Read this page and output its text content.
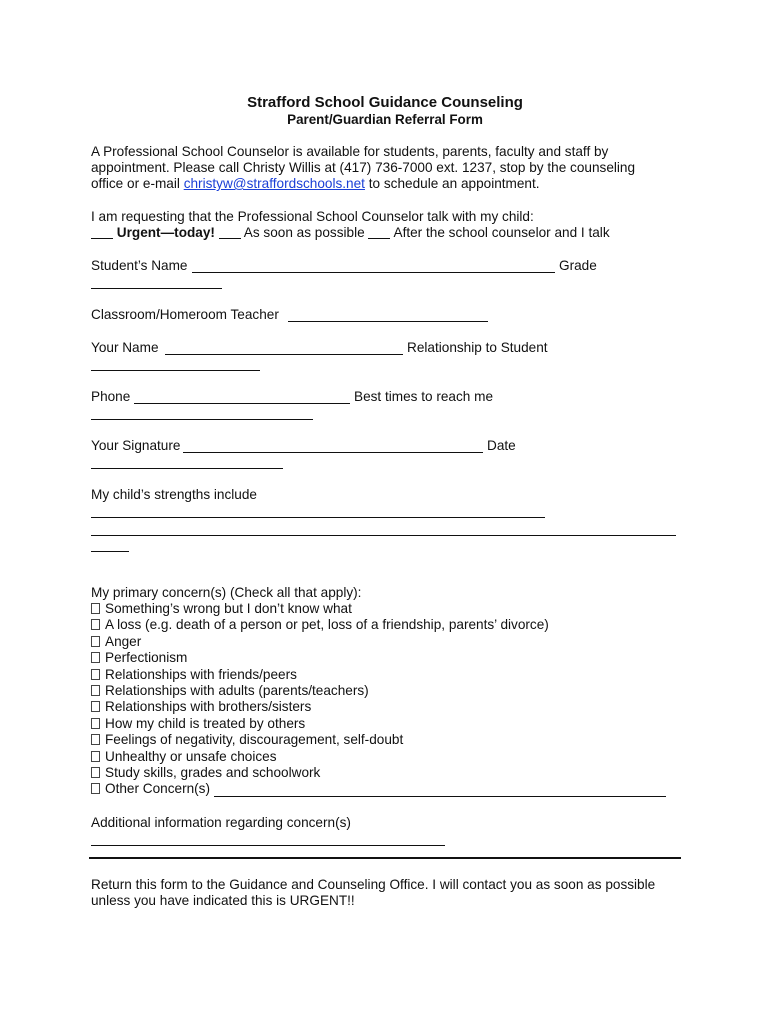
Strafford School Guidance Counseling
Parent/Guardian Referral Form
A Professional School Counselor is available for students, parents, faculty and staff by
appointment. Please call Christy Willis at (417) 736-7000 ext. 1237, stop by the counseling
office or e-mail christyw@straffordschools.net to schedule an appointment.
I am requesting that the Professional School Counselor talk with my child:
Urgent—today! As soon as possible After the school counselor and I talk
Student’s Name	Grade
Classroom/Homeroom Teacher
Your Name	Relationship to Student
Phone	Best times to reach me
Your Signature	Date
My child’s strengths include
My primary concern(s) (Check all that apply):
Something’s wrong but I don’t know what
A loss (e.g. death of a person or pet, loss of a friendship, parents’ divorce)
Anger
Perfectionism
Relationships with friends/peers
Relationships with adults (parents/teachers)
Relationships with brothers/sisters
How my child is treated by others
Feelings of negativity, discouragement, self-doubt
Unhealthy or unsafe choices
Study skills, grades and schoolwork
Other Concern(s)
Additional information regarding concern(s)
Return this form to the Guidance and Counseling Office. I will contact you as soon as possible
unless you have indicated this is URGENT!!
